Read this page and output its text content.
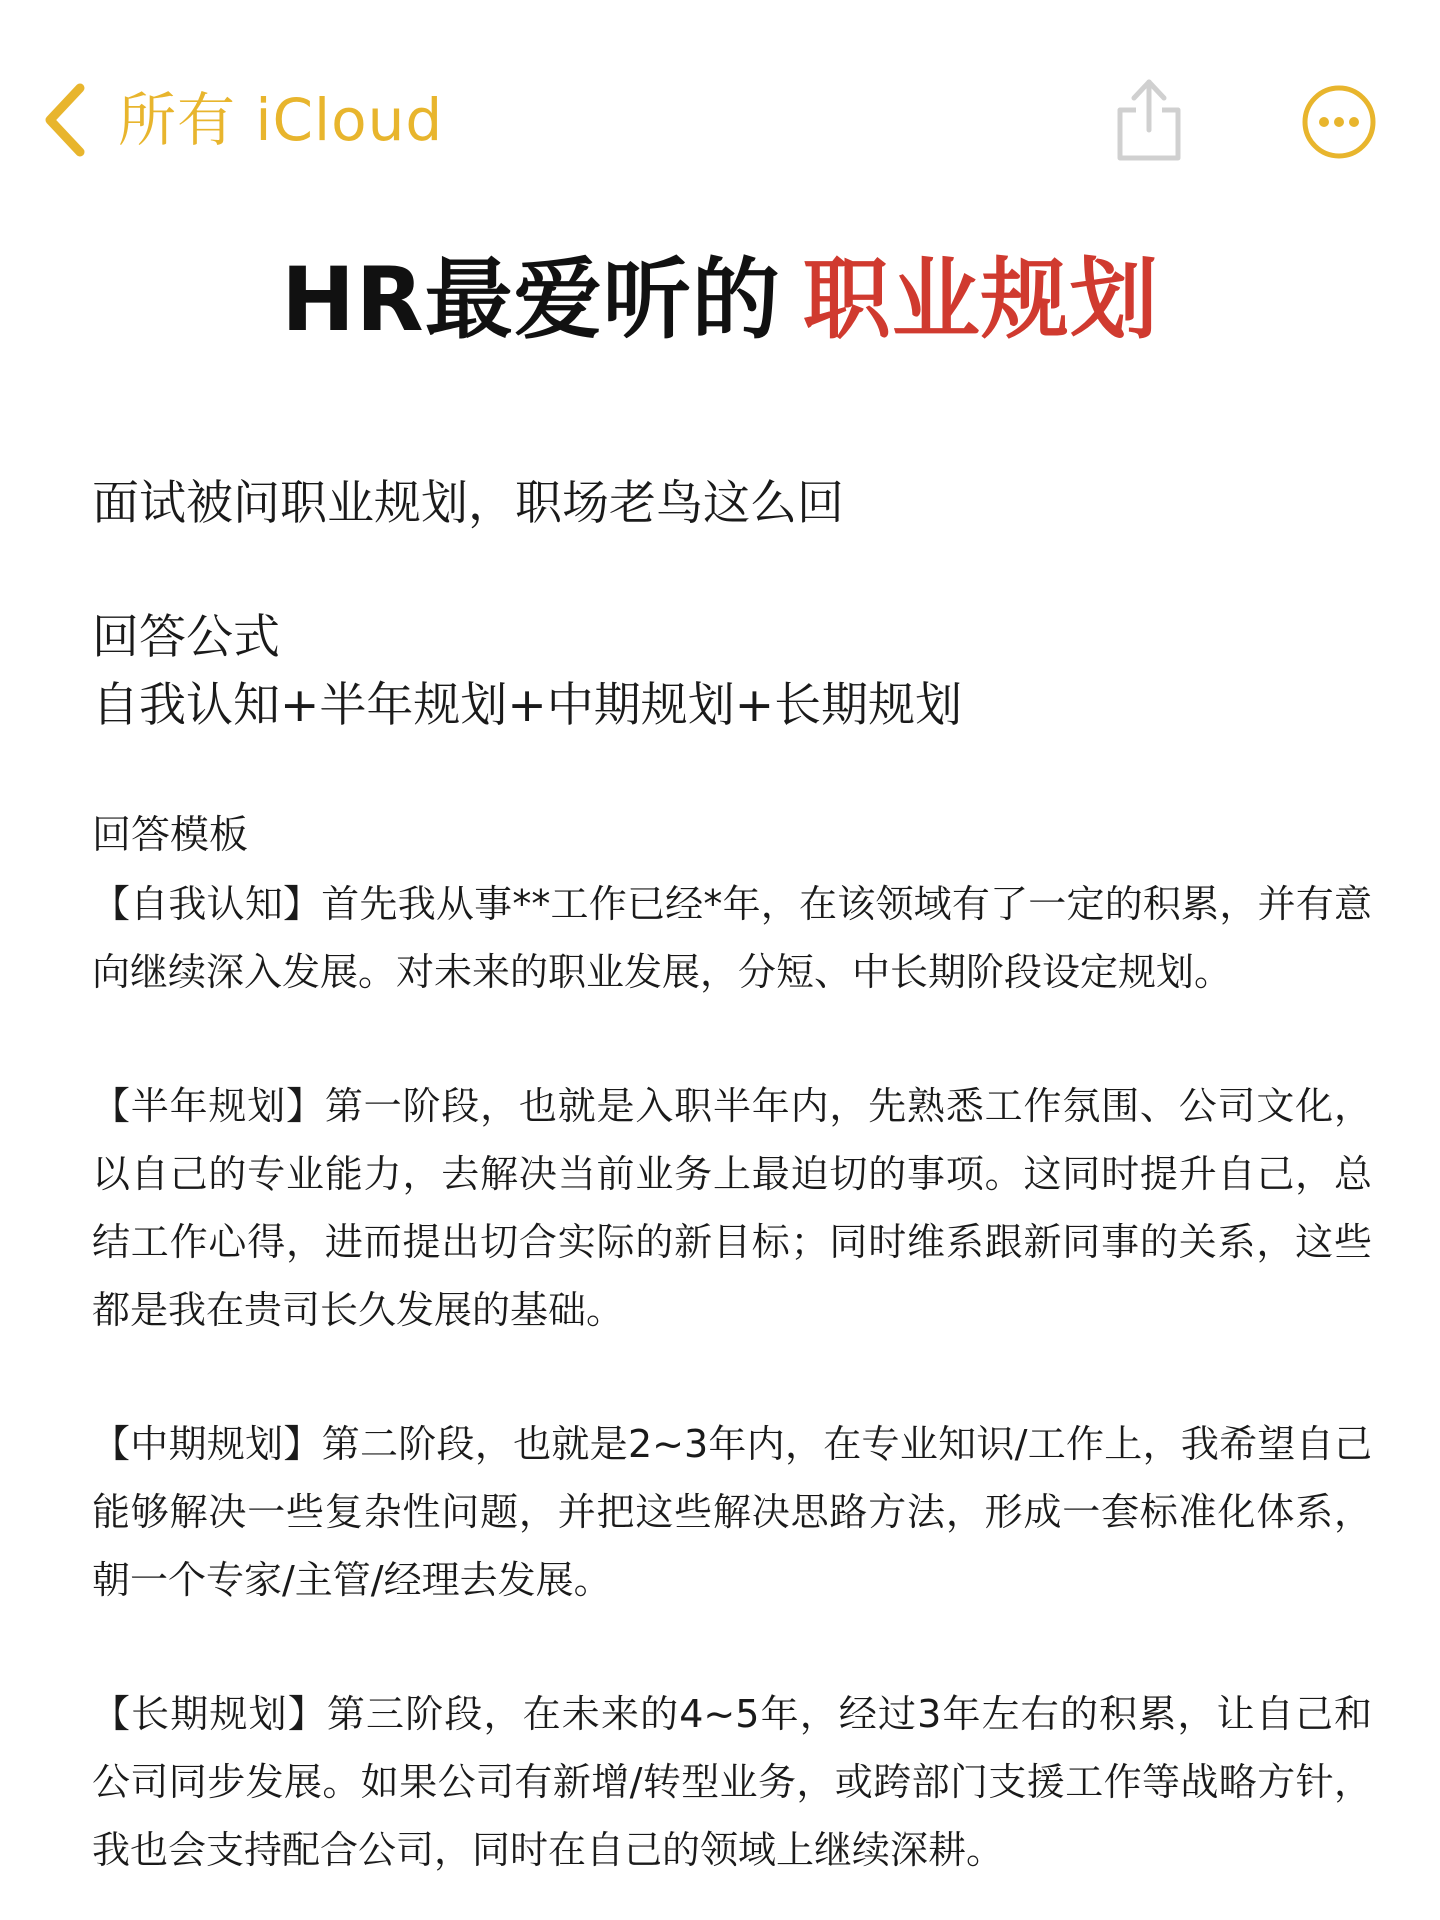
所有 iCloud
HR最爱听的 职业规划

面试被问职业规划，职场老鸟这么回

回答公式

自我认知+半年规划+中期规划+长期规划

回答模板

【自我认知】首先我从事**工作已经*年，在该领域有了一定的积累，并有意向继续深入发展。对未来的职业发展，分短、中长期阶段设定规划。

【半年规划】第一阶段，也就是入职半年内，先熟悉工作氛围、公司文化，以自己的专业能力，去解决当前业务上最迫切的事项。这同时提升自己，总结工作心得，进而提出切合实际的新目标；同时维系跟新同事的关系，这些都是我在贵司长久发展的基础。

【中期规划】第二阶段，也就是2~3年内，在专业知识/工作上，我希望自己能够解决一些复杂性问题，并把这些解决思路方法，形成一套标准化体系，朝一个专家/主管/经理去发展。

【长期规划】第三阶段，在未来的4~5年，经过3年左右的积累，让自己和公司同步发展。如果公司有新增/转型业务，或跨部门支援工作等战略方针，我也会支持配合公司，同时在自己的领域上继续深耕。
